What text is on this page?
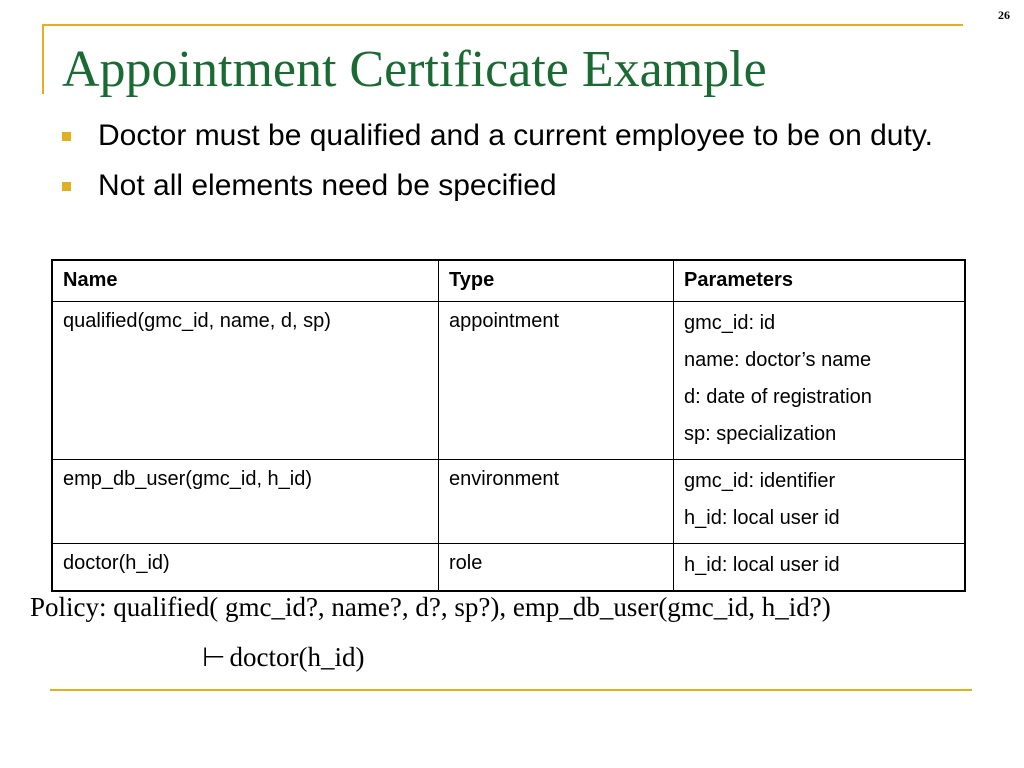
26
Appointment Certificate Example
Doctor must be qualified and a current employee to be on duty.
Not all elements need be specified
Name	Type	Parameters
qualified(gmc_id, name, d, sp)	appointment	gmc_id: id
name: doctor’s name
d: date of registration
sp: specialization

emp_db_user(gmc_id, h_id)	environment	gmc_id: identifier
h_id: local user id

doctor(h_id)	role	h_id: local user id
Policy: qualified( gmc_id?, name?, d?, sp?), emp_db_user(gmc_id, h_id?)
⊢ doctor(h_id)
